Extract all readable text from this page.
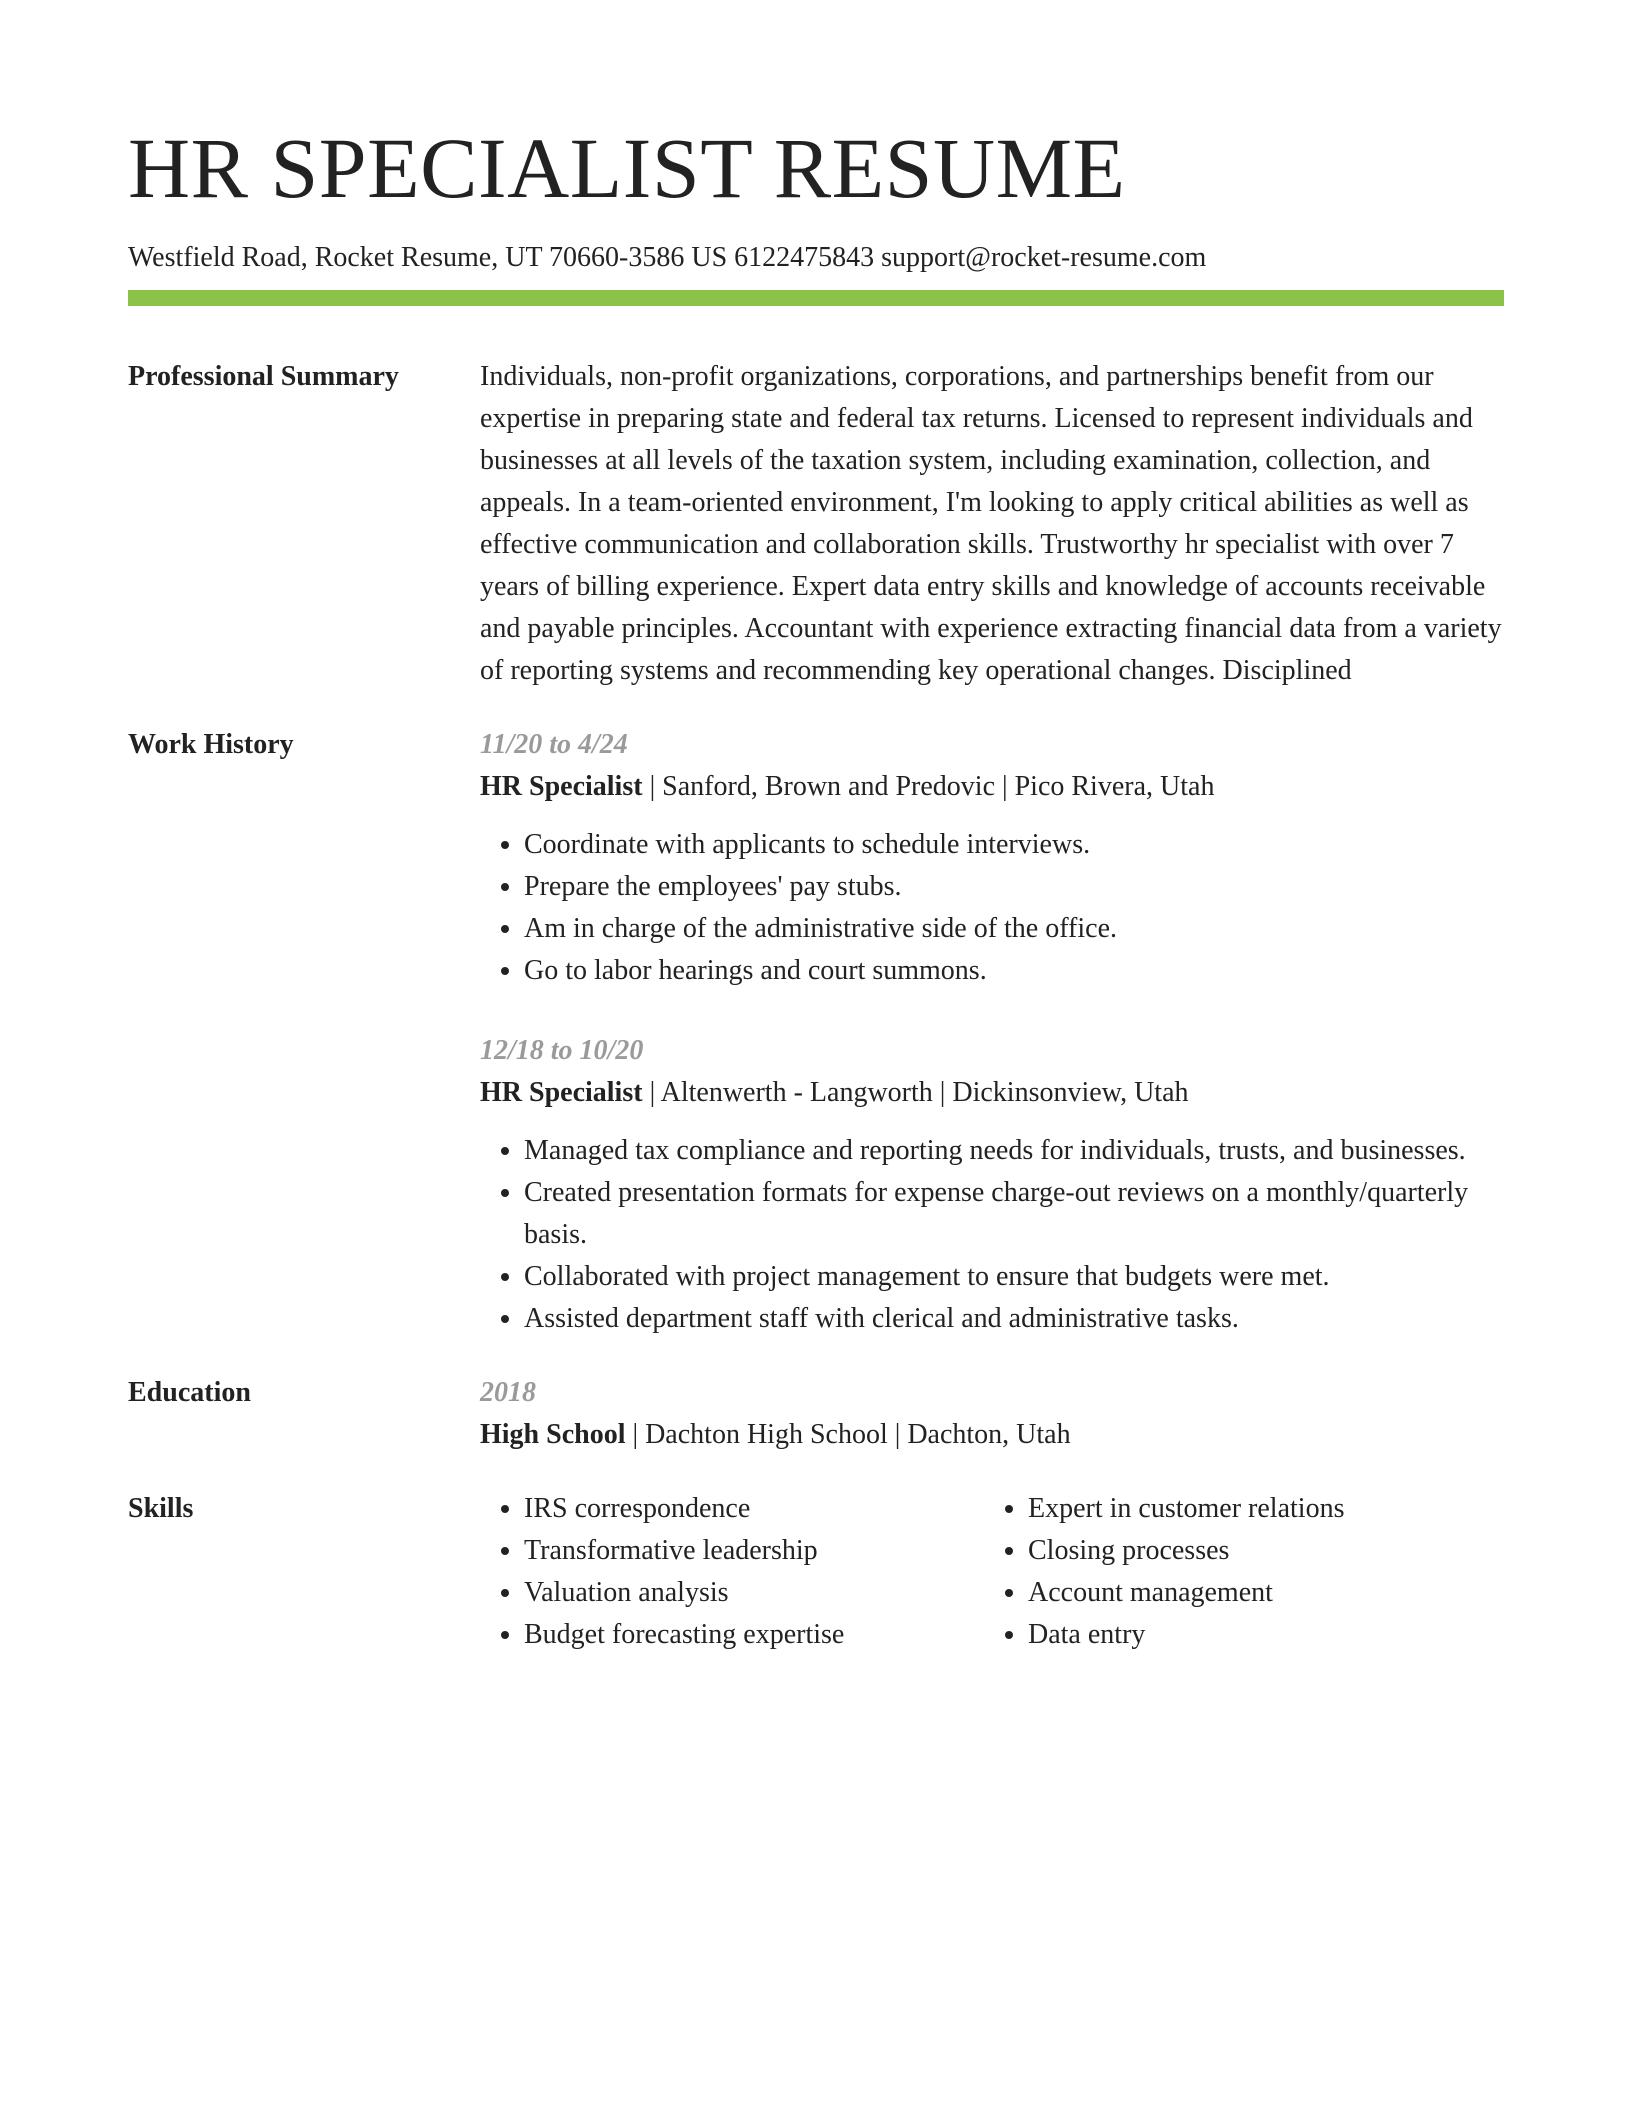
HR SPECIALIST RESUME
Westfield Road, Rocket Resume, UT 70660-3586 US 6122475843 support@rocket-resume.com
Professional Summary	Individuals, non-profit organizations, corporations, and partnerships benefit from our expertise in preparing state and federal tax returns. Licensed to represent individuals and businesses at all levels of the taxation system, including examination, collection, and appeals. In a team-oriented environment, I'm looking to apply critical abilities as well as effective communication and collaboration skills. Trustworthy hr specialist with over 7 years of billing experience. Expert data entry skills and knowledge of accounts receivable and payable principles. Accountant with experience extracting financial data from a variety of reporting systems and recommending key operational changes. Disciplined

Work History	11/20 to 4/24
HR Specialist | Sanford, Brown and Predovic | Pico Rivera, Utah
• Coordinate with applicants to schedule interviews.
• Prepare the employees' pay stubs.
• Am in charge of the administrative side of the office.
• Go to labor hearings and court summons.
12/18 to 10/20
HR Specialist | Altenwerth - Langworth | Dickinsonview, Utah
• Managed tax compliance and reporting needs for individuals, trusts, and businesses.
• Created presentation formats for expense charge-out reviews on a monthly/quarterly basis.
• Collaborated with project management to ensure that budgets were met.
• Assisted department staff with clerical and administrative tasks.
Education	2018
High School | Dachton High School | Dachton, Utah
Skills
•	IRS correspondence
• Transformative leadership
• Valuation analysis
• Budget forecasting expertise
• Expert in customer relations
• Closing processes
• Account management
• Data entry
